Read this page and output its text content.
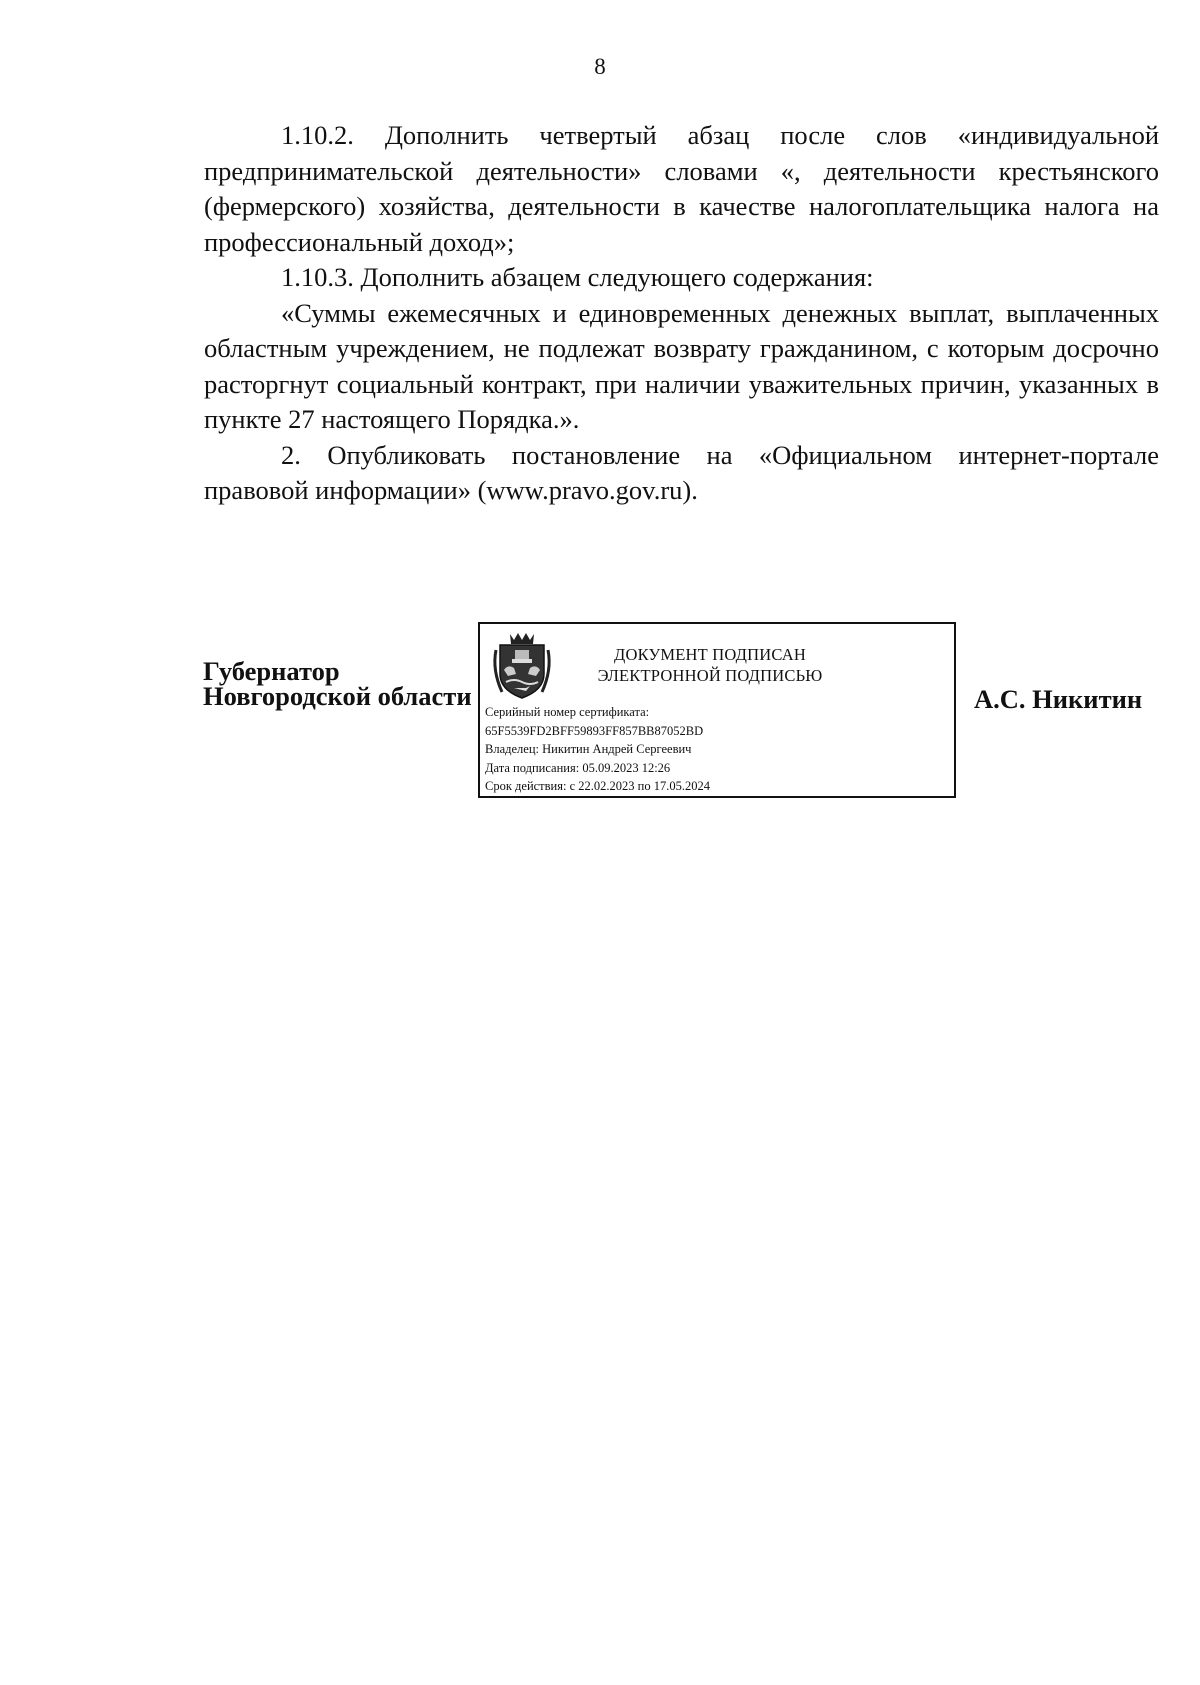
8

1.10.2. Дополнить четвертый абзац после слов «индивидуальной предпринимательской деятельности» словами «, деятельности крестьянского (фермерского) хозяйства, деятельности в качестве налогоплательщика налога на профессиональный доход»;

1.10.3. Дополнить абзацем следующего содержания:

«Суммы ежемесячных и единовременных денежных выплат, выплаченных областным учреждением, не подлежат возврату гражданином, с которым досрочно расторгнут социальный контракт, при наличии уважительных причин, указанных в пункте 27 настоящего Порядка.».

2. Опубликовать постановление на «Официальном интернет-портале правовой информации» (www.pravo.gov.ru).

Губернатор
Новгородской области
ДОКУМЕНТ ПОДПИСАН
ЭЛЕКТРОННОЙ ПОДПИСЬЮ
Серийный номер сертификата:
65F5539FD2BFF59893FF857BB87052BD
Владелец: Никитин Андрей Сергеевич
Дата подписания: 05.09.2023 12:26
Срок действия: с 22.02.2023 по 17.05.2024
А.С. Никитин
